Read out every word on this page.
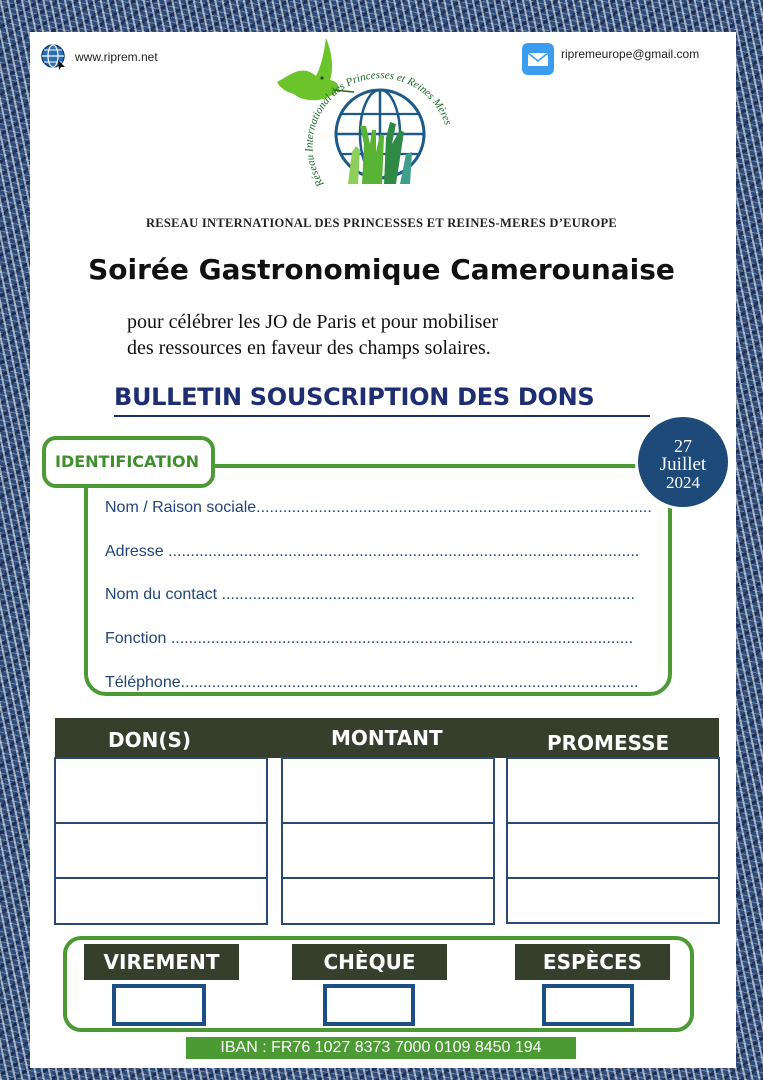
www.riprem.net	ripremeurope@gmail.com
Réseau International des Princesses et Reines Mères
RESEAU INTERNATIONAL DES PRINCESSES ET REINES-MERES D’EUROPE
Soirée Gastronomique Camerounaise
pour célébrer les JO de Paris et pour mobiliser
des ressources en faveur des champs solaires.
BULLETIN SOUSCRIPTION DES DONS
IDENTIFICATION
27
Juillet
2024
Nom / Raison sociale.........................................................................................
Adresse ..........................................................................................................
Nom du contact .............................................................................................
Fonction ........................................................................................................
Téléphone.......................................................................................................
DON(S)	MONTANT	PROMESSE
VIREMENT	CHÈQUE	ESPÈCES
IBAN : FR76 1027 8373 7000 0109 8450 194
